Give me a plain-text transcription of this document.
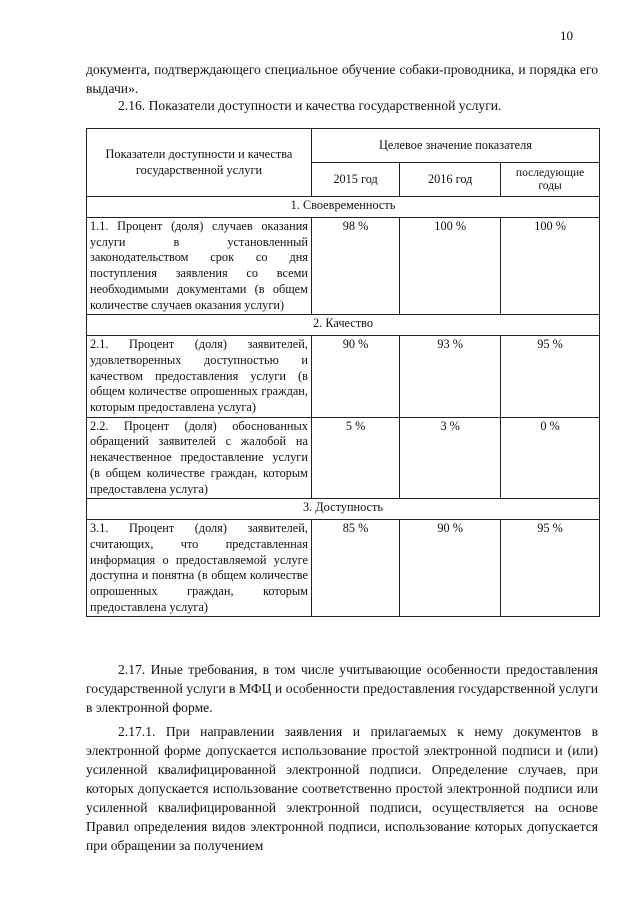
10

документа, подтверждающего специальное обучение собаки-проводника, и порядка его выдачи».

2.16. Показатели доступности и качества государственной услуги.

Показатели доступности и качества государственной услуги	Целевое значение показателя		
	2015 год	2016 год	последующие годы
1. Своевременность			
1.1. Процент (доля) случаев оказания услуги в установленный законодательством срок со дня поступления заявления со всеми необходимыми документами (в общем количестве случаев оказания услуги)	98 %	100 %	100 %
2. Качество			
2.1. Процент (доля) заявителей, удовлетворенных доступностью и качеством предоставления услуги (в общем количестве опрошенных граждан, которым предоставлена услуга)	90 %	93 %	95 %
2.2. Процент (доля) обоснованных обращений заявителей с жалобой на некачественное предоставление услуги (в общем количестве граждан, которым предоставлена услуга)	5 %	3 %	0 %
3. Доступность			
3.1. Процент (доля) заявителей, считающих, что представленная информация о предоставляемой услуге доступна и понятна (в общем количестве опрошенных граждан, которым предоставлена услуга)	85 %	90 %	95 %

2.17. Иные требования, в том числе учитывающие особенности предоставления государственной услуги в МФЦ и особенности предоставления государственной услуги в электронной форме.

2.17.1. При направлении заявления и прилагаемых к нему документов в электронной форме допускается использование простой электронной подписи и (или) усиленной квалифицированной электронной подписи. Определение случаев, при которых допускается использование соответственно простой электронной подписи или усиленной квалифицированной электронной подписи, осуществляется на основе Правил определения видов электронной подписи, использование которых допускается при обращении за получением
